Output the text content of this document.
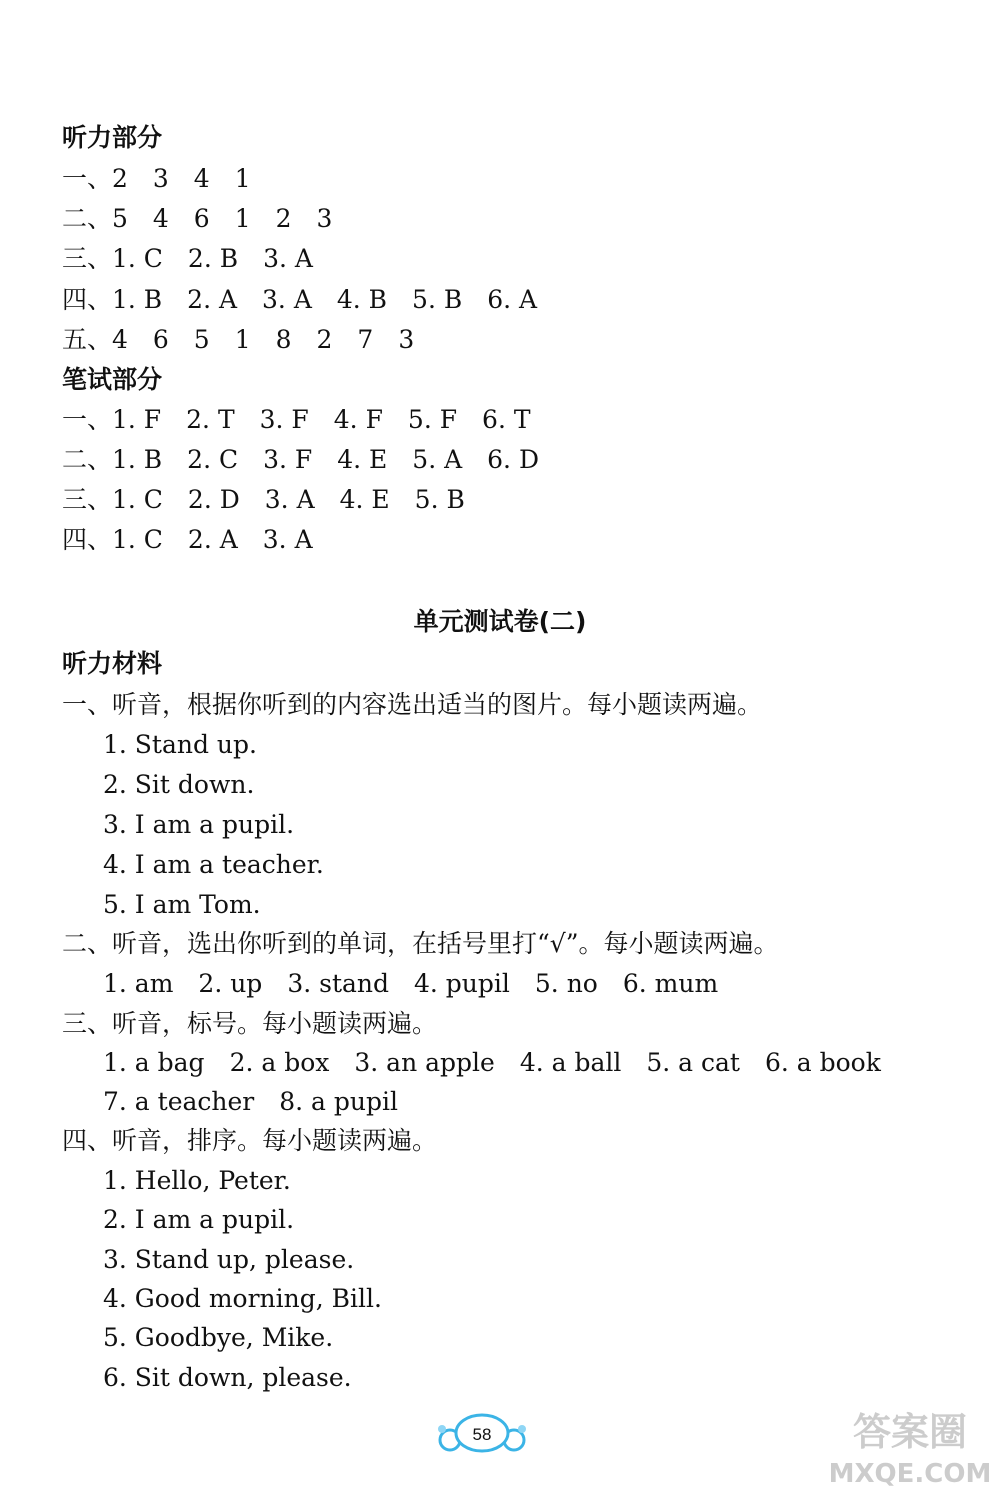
听力部分
一、2　3　4　1
二、5　4　6　1　2　3
三、1. C　2. B　3. A
四、1. B　2. A　3. A　4. B　5. B　6. A
五、4　6　5　1　8　2　7　3
笔试部分
一、1. F　2. T　3. F　4. F　5. F　6. T
二、1. B　2. C　3. F　4. E　5. A　6. D
三、1. C　2. D　3. A　4. E　5. B
四、1. C　2. A　3. A
单元测试卷(二)
听力材料
一、听音，根据你听到的内容选出适当的图片。每小题读两遍。
1. Stand up.
2. Sit down.
3. I am a pupil.
4. I am a teacher.
5. I am Tom.
二、听音，选出你听到的单词，在括号里打“√”。每小题读两遍。
1. am　2. up　3. stand　4. pupil　5. no　6. mum
三、听音，标号。每小题读两遍。
1. a bag　2. a box　3. an apple　4. a ball　5. a cat　6. a book
7. a teacher　8. a pupil
四、听音，排序。每小题读两遍。
1. Hello, Peter.
2. I am a pupil.
3. Stand up, please.
4. Good morning, Bill.
5. Goodbye, Mike.
6. Sit down, please.
58	答案圈
MXQE.COM
